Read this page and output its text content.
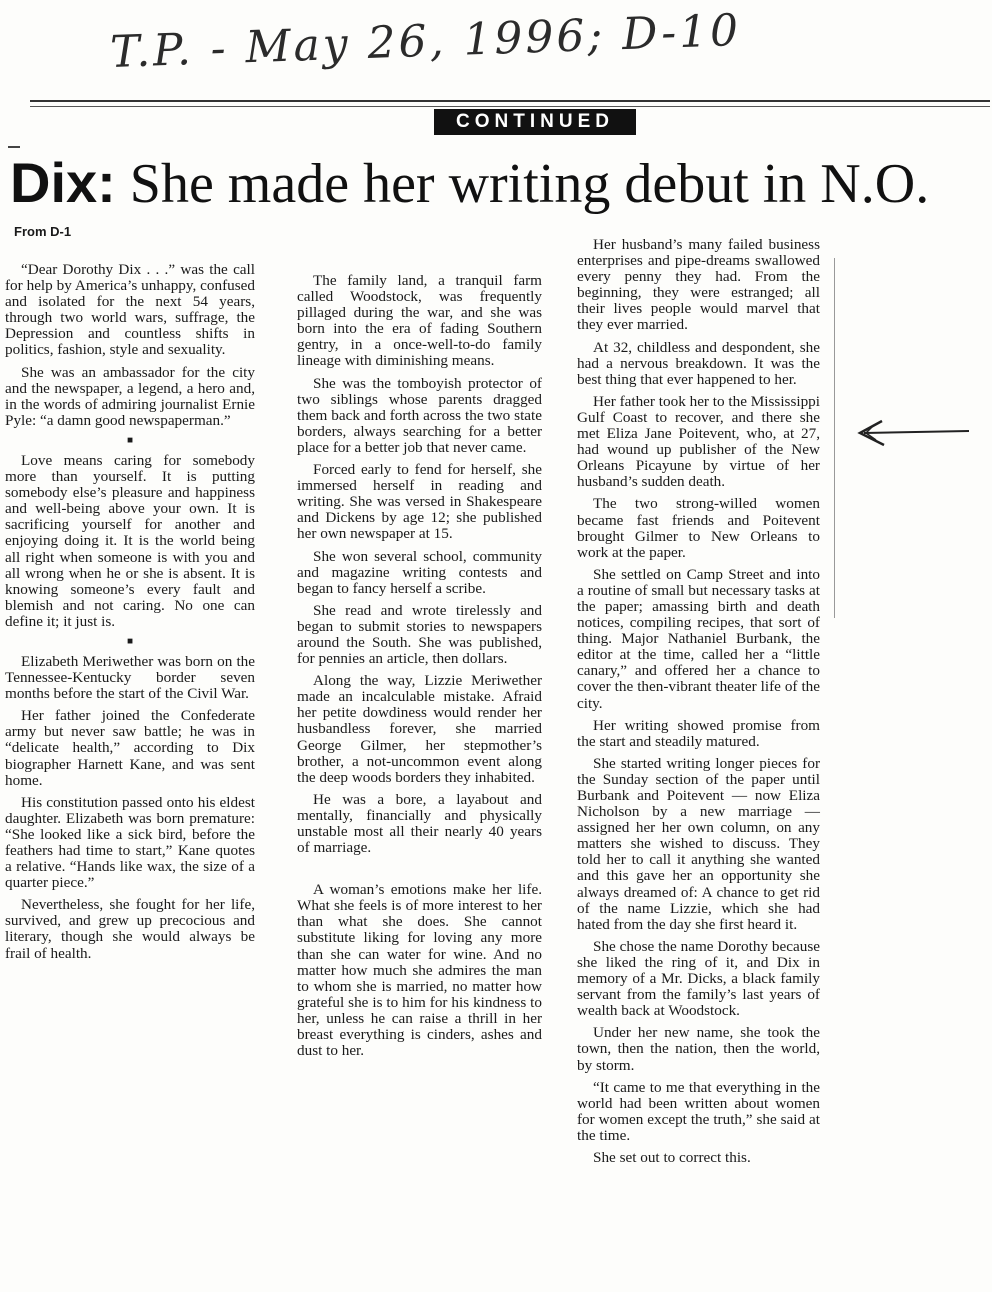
T.P. - May 26, 1996; D-10
CONTINUED
Dix: She made her writing debut in N.O.
From D-1

“Dear Dorothy Dix . . .” was the call for help by America’s unhappy, confused and isolated for the next 54 years, through two world wars, suffrage, the Depression and countless shifts in politics, fashion, style and sexuality.

She was an ambassador for the city and the newspaper, a legend, a hero and, in the words of admiring journalist Ernie Pyle: “a damn good newspaperman.”

■

Love means caring for somebody more than yourself. It is putting somebody else’s pleasure and happiness and well-being above your own. It is sacrificing yourself for another and enjoying doing it. It is the world being all right when someone is with you and all wrong when he or she is absent. It is knowing someone’s every fault and blemish and not caring. No one can define it; it just is.

■

Elizabeth Meriwether was born on the Tennessee-Kentucky border seven months before the start of the Civil War.

Her father joined the Confederate army but never saw battle; he was in “delicate health,” according to Dix biographer Harnett Kane, and was sent home.

His constitution passed onto his eldest daughter. Elizabeth was born premature: “She looked like a sick bird, before the feathers had time to start,” Kane quotes a relative. “Hands like wax, the size of a quarter piece.”

Nevertheless, she fought for her life, survived, and grew up precocious and literary, though she would always be frail of health.

The family land, a tranquil farm called Woodstock, was frequently pillaged during the war, and she was born into the era of fading Southern gentry, in a once-well-to-do family lineage with diminishing means.

She was the tomboyish protector of two siblings whose parents dragged them back and forth across the two state borders, always searching for a better place for a better job that never came.

Forced early to fend for herself, she immersed herself in reading and writing. She was versed in Shakespeare and Dickens by age 12; she published her own newspaper at 15.

She won several school, community and magazine writing contests and began to fancy herself a scribe.

She read and wrote tirelessly and began to submit stories to newspapers around the South. She was published, for pennies an article, then dollars.

Along the way, Lizzie Meriwether made an incalculable mistake. Afraid her petite dowdiness would render her husbandless forever, she married George Gilmer, her stepmother’s brother, a not-uncommon event along the deep woods borders they inhabited.

He was a bore, a layabout and mentally, financially and physically unstable most all their nearly 40 years of marriage.

A woman’s emotions make her life. What she feels is of more interest to her than what she does. She cannot substitute liking for loving any more than she can water for wine. And no matter how much she admires the man to whom she is married, no matter how grateful she is to him for his kindness to her, unless he can raise a thrill in her breast everything is cinders, ashes and dust to her.

Her husband’s many failed business enterprises and pipe-dreams swallowed every penny they had. From the beginning, they were estranged; all their lives people would marvel that they ever married.

At 32, childless and despondent, she had a nervous breakdown. It was the best thing that ever happened to her.

Her father took her to the Mississippi Gulf Coast to recover, and there she met Eliza Jane Poitevent, who, at 27, had wound up publisher of the New Orleans Picayune by virtue of her husband’s sudden death.

The two strong-willed women became fast friends and Poitevent brought Gilmer to New Orleans to work at the paper.

She settled on Camp Street and into a routine of small but necessary tasks at the paper; amassing birth and death notices, compiling recipes, that sort of thing. Major Nathaniel Burbank, the editor at the time, called her a “little canary,” and offered her a chance to cover the then-vibrant theater life of the city.

Her writing showed promise from the start and steadily matured.

She started writing longer pieces for the Sunday section of the paper until Burbank and Poitevent — now Eliza Nicholson by a new marriage — assigned her her own column, on any matters she wished to discuss. They told her to call it anything she wanted and this gave her an opportunity she always dreamed of: A chance to get rid of the name Lizzie, which she had hated from the day she first heard it.

She chose the name Dorothy because she liked the ring of it, and Dix in memory of a Mr. Dicks, a black family servant from the family’s last years of wealth back at Woodstock.

Under her new name, she took the town, then the nation, then the world, by storm.

“It came to me that everything in the world had been written about women for women except the truth,” she said at the time.

She set out to correct this.
